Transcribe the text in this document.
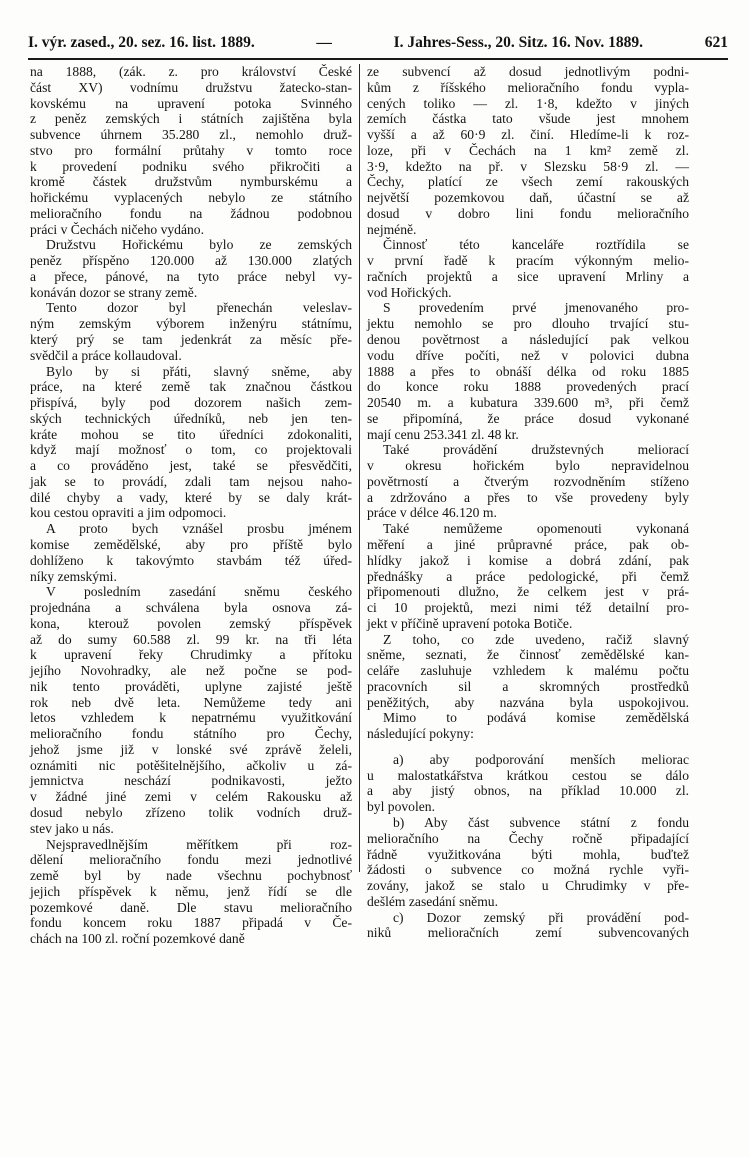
I. výr. zased., 20. sez. 16. list. 1889.	—	I. Jahres-Sess., 20. Sitz. 16. Nov. 1889.	621
na 1888, (zák. z. pro království České
část XV) vodnímu družstvu žatecko-stan-
kovskému na upravení potoka Svinného
z peněz zemských i státních zajištěna byla
subvence úhrnem 35.280 zl., nemohlo druž-
stvo pro formální průtahy v tomto roce
k provedení podniku svého přikročiti a
kromě částek družstvům nymburskému a
hořickému vyplacených nebylo ze státního
melioračního fondu na žádnou podobnou
práci v Čechách ničeho vydáno.
Družstvu Hořickému bylo ze zemských
peněz příspěno 120.000 až 130.000 zlatých
a přece, pánové, na tyto práce nebyl vy-
konáván dozor se strany země.
Tento dozor byl přenechán veleslav-
ným zemským výborem inženýru státnímu,
který prý se tam jedenkrát za měsíc pře-
svědčil a práce kollaudoval.
Bylo by si přáti, slavný sněme, aby
práce, na které země tak značnou částkou
přispívá, byly pod dozorem našich zem-
ských technických úředníků, neb jen ten-
kráte mohou se tito úředníci zdokonaliti,
když mají možnosť o tom, co projektovali
a co prováděno jest, také se přesvědčiti,
jak se to provádí, zdali tam nejsou naho-
dilé chyby a vady, které by se daly krát-
kou cestou opraviti a jim odpomoci.
A proto bych vznášel prosbu jménem
komise zemědělské, aby pro příště bylo
dohlíženo k takovýmto stavbám též úřed-
níky zemskými.
V posledním zasedání sněmu českého
projednána a schválena byla osnova zá-
kona, kterouž povolen zemský příspěvek
až do sumy 60.588 zl. 99 kr. na tři léta
k upravení řeky Chrudimky a přítoku
jejího Novohradky, ale než počne se pod-
nik tento prováděti, uplyne zajisté ještě
rok neb dvě leta. Nemůžeme tedy ani
letos vzhledem k nepatrnému využitkování
melioračního fondu státního pro Čechy,
jehož jsme již v lonské své zprávě želeli,
oznámiti nic potěšitelnějšího, ačkoliv u zá-
jemnictva neschází podnikavosti, ježto
v žádné jiné zemi v celém Rakousku až
dosud nebylo zřízeno tolik vodních druž-
stev jako u nás.
Nejspravedlnějším měřítkem při roz-
dělení melioračního fondu mezi jednotlivé
země byl by nade všechnu pochybnosť
jejich příspěvek k němu, jenž řídí se dle
pozemkové daně. Dle stavu melioračního
fondu koncem roku 1887 připadá v Če-
chách na 100 zl. roční pozemkové daně
ze subvencí až dosud jednotlivým podni-
kům z říšského melioračního fondu vypla-
cených toliko — zl. 1·8, kdežto v jiných
zemích částka tato všude jest mnohem
vyšší a až 60·9 zl. činí. Hledíme-li k roz-
loze, při v Čechách na 1 km² země zl.
3·9, kdežto na př. v Slezsku 58·9 zl. —
Čechy, platící ze všech zemí rakouských
největší pozemkovou daň, účastní se až
dosud v dobro lini fondu melioračního
nejméně.
Činnosť této kanceláře roztřídila se
v první řadě k pracím výkonným melio-
račních projektů a sice upravení Mrliny a
vod Hořických.
S provedením prvé jmenovaného pro-
jektu nemohlo se pro dlouho trvající stu-
denou povětrnost a následující pak velkou
vodu dříve počíti, než v polovici dubna
1888 a přes to obnáší délka od roku 1885
do konce roku 1888 provedených prací
20540 m. a kubatura 339.600 m³, při čemž
se připomíná, že práce dosud vykonané
mají cenu 253.341 zl. 48 kr.
Také provádění družstevných meliorací
v okresu hořickém bylo nepravidelnou
povětrností a čtverým rozvodněním stíženo
a zdržováno a přes to vše provedeny byly
práce v délce 46.120 m.
Také nemůžeme opomenouti vykonaná
měření a jiné průpravné práce, pak ob-
hlídky jakož i komise a dobrá zdání, pak
přednášky a práce pedologické, při čemž
připomenouti dlužno, že celkem jest v prá-
ci 10 projektů, mezi nimi též detailní pro-
jekt v příčině upravení potoka Botiče.
Z toho, co zde uvedeno, račiž slavný
sněme, seznati, že činnosť zemědělské kan-
celáře zasluhuje vzhledem k malému počtu
pracovních sil a skromných prostředků
peněžitých, aby nazvána byla uspokojivou.
Mimo to podává komise zemědělská
následující pokyny:
a) aby podporování menších meliorac
u malostatkářstva krátkou cestou se dálo
a aby jistý obnos, na příklad 10.000 zl.
byl povolen.
b) Aby část subvence státní z fondu
melioračního na Čechy ročně připadající
řádně využitkována býti mohla, buďtež
žádosti o subvence co možná rychle vyři-
zovány, jakož se stalo u Chrudimky v pře-
dešlém zasedání sněmu.
c) Dozor zemský při provádění pod-
niků melioračních zemí subvencovaných
